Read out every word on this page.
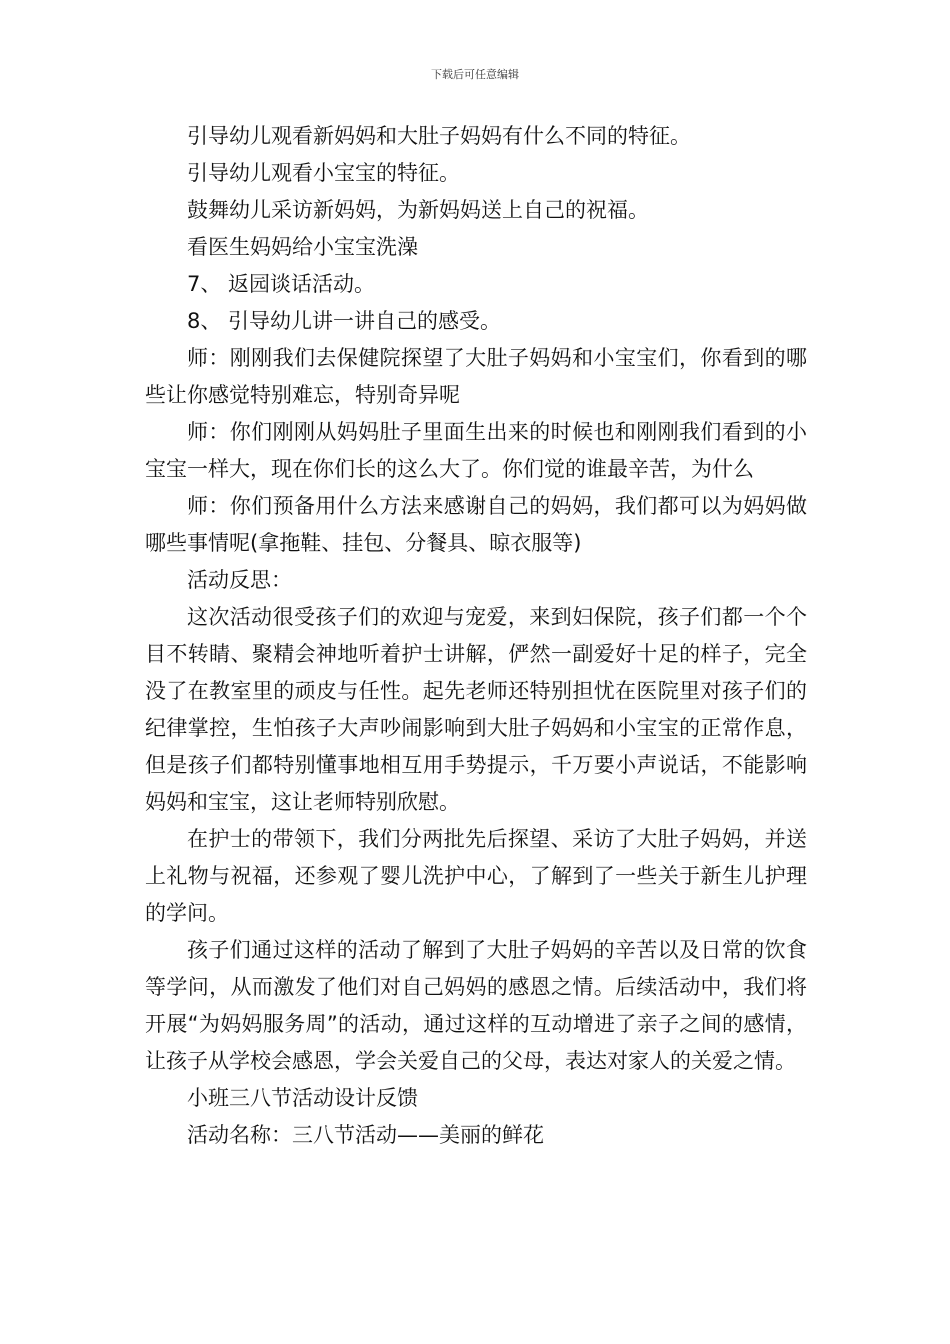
下载后可任意编辑

引导幼儿观看新妈妈和大肚子妈妈有什么不同的特征。

引导幼儿观看小宝宝的特征。

鼓舞幼儿采访新妈妈，为新妈妈送上自己的祝福。

看医生妈妈给小宝宝洗澡

7、 返园谈话活动。

8、 引导幼儿讲一讲自己的感受。

师：刚刚我们去保健院探望了大肚子妈妈和小宝宝们，你看到的哪些让你感觉特别难忘，特别奇异呢

师：你们刚刚从妈妈肚子里面生出来的时候也和刚刚我们看到的小宝宝一样大，现在你们长的这么大了。你们觉的谁最辛苦，为什么

师：你们预备用什么方法来感谢自己的妈妈，我们都可以为妈妈做哪些事情呢(拿拖鞋、挂包、分餐具、晾衣服等)

活动反思：

这次活动很受孩子们的欢迎与宠爱，来到妇保院，孩子们都一个个目不转睛、聚精会神地听着护士讲解，俨然一副爱好十足的样子，完全没了在教室里的顽皮与任性。起先老师还特别担忧在医院里对孩子们的纪律掌控，生怕孩子大声吵闹影响到大肚子妈妈和小宝宝的正常作息，但是孩子们都特别懂事地相互用手势提示，千万要小声说话，不能影响妈妈和宝宝，这让老师特别欣慰。

在护士的带领下，我们分两批先后探望、采访了大肚子妈妈，并送上礼物与祝福，还参观了婴儿洗护中心，了解到了一些关于新生儿护理的学问。

孩子们通过这样的活动了解到了大肚子妈妈的辛苦以及日常的饮食等学问，从而激发了他们对自己妈妈的感恩之情。后续活动中，我们将开展“为妈妈服务周”的活动，通过这样的互动增进了亲子之间的感情，让孩子从学校会感恩，学会关爱自己的父母，表达对家人的关爱之情。

小班三八节活动设计反馈

活动名称：三八节活动——美丽的鲜花
